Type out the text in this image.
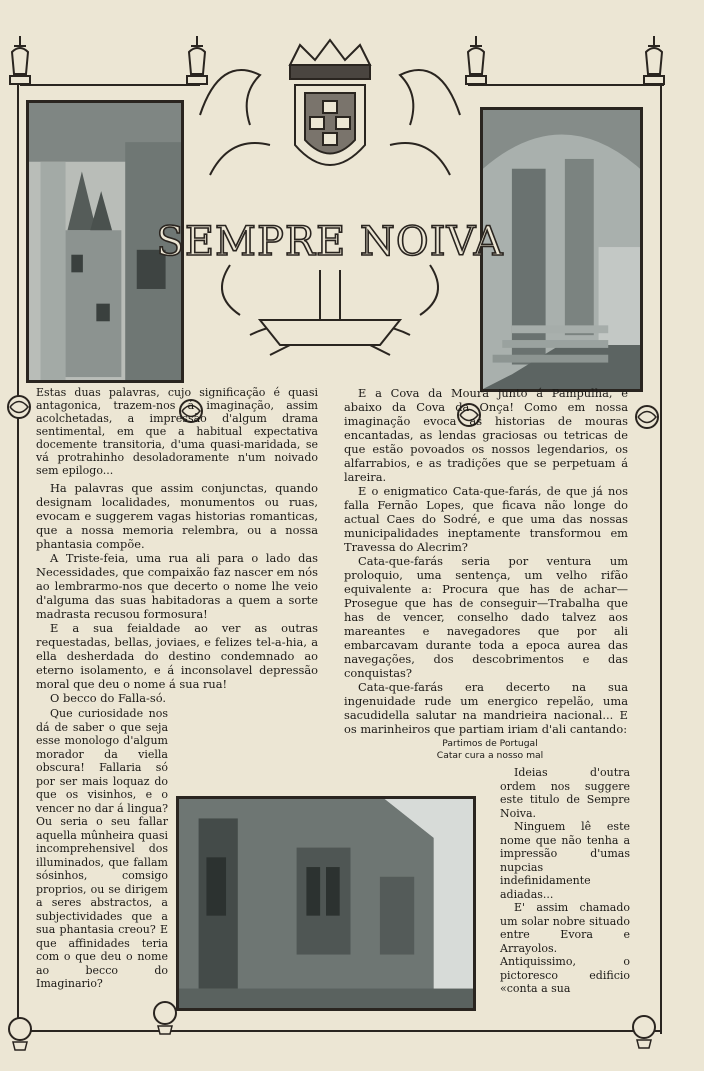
SEMPRE NOIVA

Estas duas palavras, cujo significação é quasi antagonica, trazem-nos á imaginação, assim acolchetadas, a impressão d'algum drama sentimental, em que a habitual expectativa docemente transitoria, d'uma quasi-maridada, se vá protrahinho desoladoramente n'um noivado sem epilogo...

E a Cova da Moura junto á Pampulha, e abaixo da Cova da Onça! Como em nossa imaginação evoca as historias de mouras encantadas, as lendas graciosas ou tetricas de que estão povoados os nossos legendarios, os alfarrabios, e as tradições que se perpetuam á lareira.

E o enigmatico Cata-que-farás, de que já nos falla Fernão Lopes, que ficava não longe do actual Caes do Sodré, e que uma das nossas municipalidades ineptamente transformou em Travessa do Alecrim?

Cata-que-farás seria por ventura um proloquio, uma sentença, um velho rifão equivalente a: Procura que has de achar—Prosegue que has de conseguir—Trabalha que has de vencer, conselho dado talvez aos mareantes e navegadores que por ali embarcavam durante toda a epoca aurea das navegações, dos descobrimentos e das conquistas?

Cata-que-farás era decerto na sua ingenuidade rude um energico repelão, uma sacudidella salutar na mandrieira nacional... E os marinheiros que partiam iriam d'ali cantando:

Partimos de Portugal
Catar cura a nosso mal

Ideias d'outra ordem nos suggere este titulo de Sempre Noiva.

Ninguem lê este nome que não tenha a impressão d'umas nupcias indefinidamente adiadas...

E' assim chamado um solar nobre situado entre Evora e Arrayolos. Antiquissimo, o pictoresco edificio «conta a sua

Ha palavras que assim conjunctas, quando designam localidades, monumentos ou ruas, evocam e suggerem vagas historias romanticas, que a nossa memoria relembra, ou a nossa phantasia compõe.

A Triste-feia, uma rua ali para o lado das Necessidades, que compaixão faz nascer em nós ao lembrarmo-nos que decerto o nome lhe veio d'alguma das suas habitadoras a quem a sorte madrasta recusou formosura!

E a sua feialdade ao ver as outras requestadas, bellas, joviaes, e felizes tel-a-hia, a ella desherdada do destino condemnado ao eterno isolamento, e á inconsolavel depressão moral que deu o nome á sua rua!

O becco do Falla-só.

Que curiosidade nos dá de saber o que seja esse monologo d'algum morador da viella obscura! Fallaria só por ser mais loquaz do que os visinhos, e o vencer no dar á lingua? Ou seria o seu fallar aquella mûnheira quasi incomprehensivel dos illuminados, que fallam sósinhos, comsigo proprios, ou se dirigem a seres abstractos, a subjectividades que a sua phantasia creou? E que affinidades teria com o que deu o nome ao becco do Imaginario?
